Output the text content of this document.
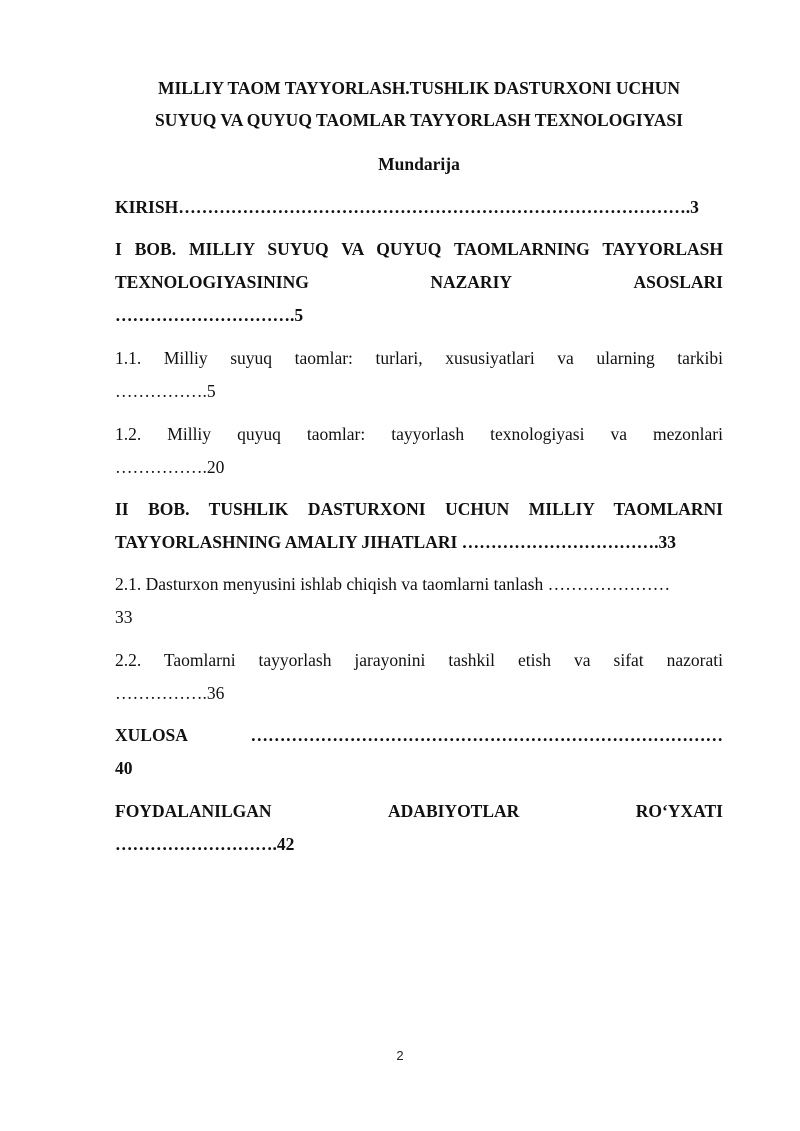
MILLIY TAOM TAYYORLASH.TUSHLIK DASTURXONI UCHUN
SUYUQ VA QUYUQ TAOMLAR TAYYORLASH TEXNOLOGIYASI
Mundarija
KIRISH…………………………………………………………………………….3
I BOB. MILLIY SUYUQ VA QUYUQ TAOMLARNING TAYYORLASH
TEXNOLOGIYASINING	NAZARIY	ASOSLARI
………………………….5
1.1. Milliy suyuq taomlar: turlari, xususiyatlari va ularning tarkibi
…………….5
1.2. Milliy quyuq taomlar: tayyorlash texnologiyasi va mezonlari
…………….20
II BOB. TUSHLIK DASTURXONI UCHUN MILLIY TAOMLARNI
TAYYORLASHNING AMALIY JIHATLARI …………………………….33
2.1. Dasturxon menyusini ishlab chiqish va taomlarni tanlash …………………
33
2.2. Taomlarni tayyorlash jarayonini tashkil etish va sifat nazorati
…………….36
XULOSA	………………………………………………………………………
40
FOYDALANILGAN	ADABIYOTLAR	RO‘YXATI
……………………….42
2
